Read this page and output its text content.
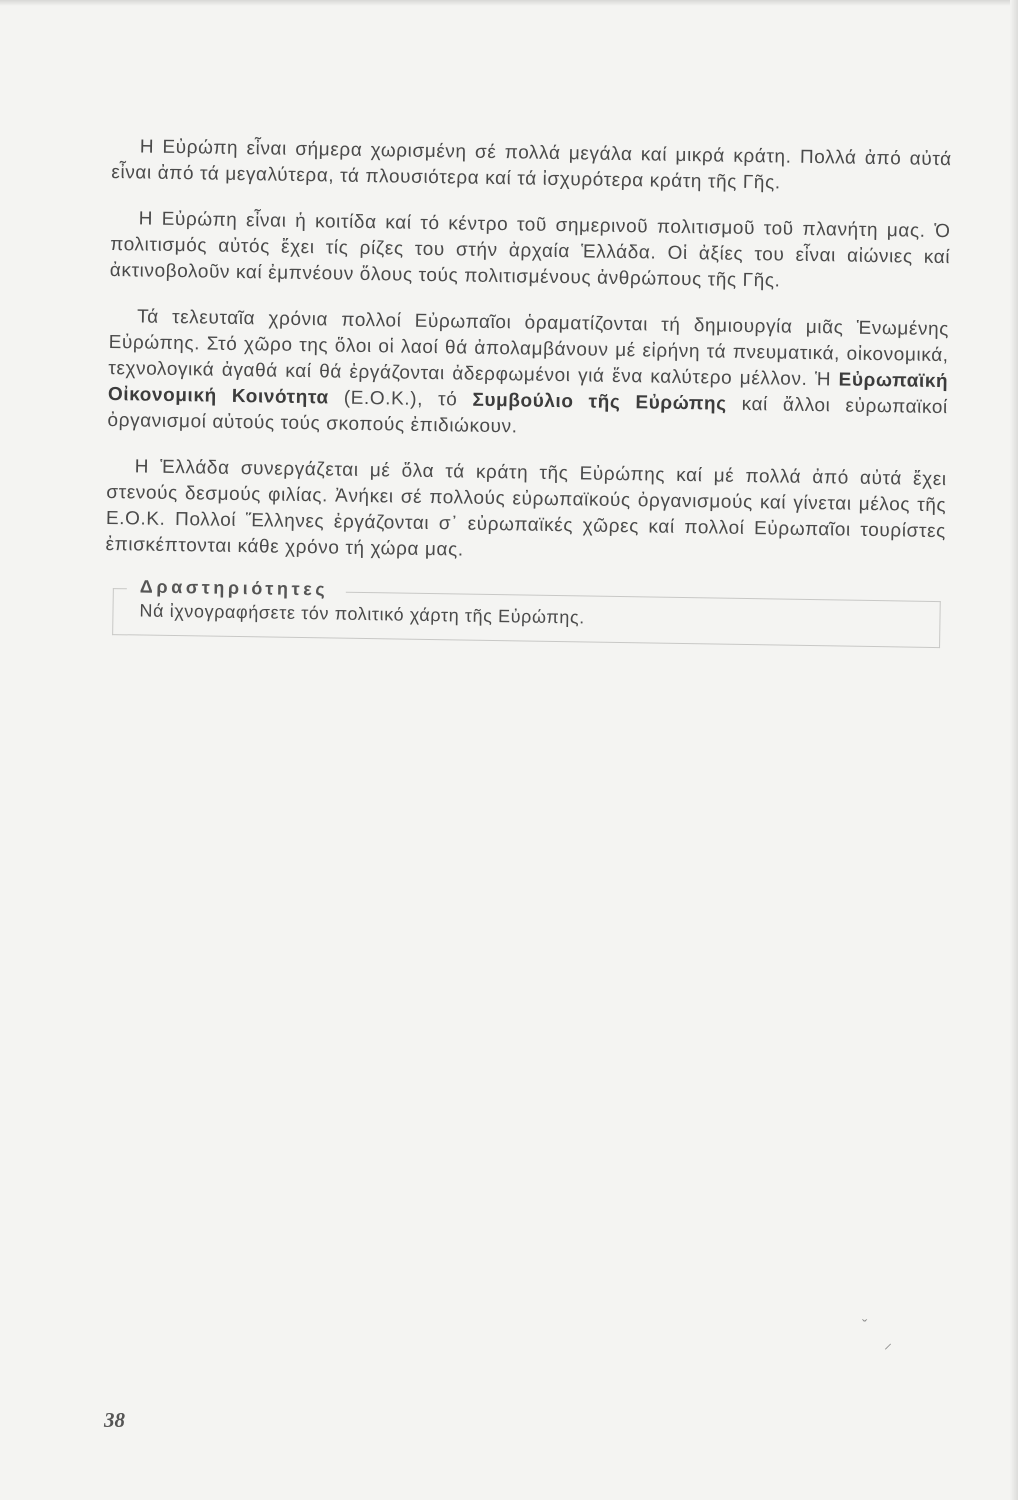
Η Εὐρώπη εἶναι σήμερα χωρισμένη σέ πολλά μεγάλα καί μικρά κράτη. Πολλά ἀπό αὐτά εἶναι ἀπό τά μεγαλύτερα, τά πλουσιότερα καί τά ἰσχυρότερα κράτη τῆς Γῆς.

Η Εὐρώπη εἶναι ἡ κοιτίδα καί τό κέντρο τοῦ σημερινοῦ πολιτισμοῦ τοῦ πλανήτη μας. Ὁ πολιτισμός αὐτός ἔχει τίς ρίζες του στήν ἀρχαία Ἑλλάδα. Οἱ ἀξίες του εἶναι αἰώνιες καί ἀκτινοβολοῦν καί ἐμπνέουν ὅλους τούς πολιτισμένους ἀνθρώπους τῆς Γῆς.

Τά τελευταῖα χρόνια πολλοί Εὐρωπαῖοι ὁραματίζονται τή δημιουργία μιᾶς Ἑνωμένης Εὐρώπης. Στό χῶρο της ὅλοι οἱ λαοί θά ἀπολαμβάνουν μέ εἰρήνη τά πνευματικά, οἰκονομικά, τεχνολογικά ἀγαθά καί θά ἐργάζονται ἀδερφωμένοι γιά ἕνα καλύτερο μέλλον. Ἡ Εὐρωπαϊκή Οἰκονομική Κοινότητα (Ε.Ο.Κ.), τό Συμβούλιο τῆς Εὐρώπης καί ἄλλοι εὐρωπαϊκοί ὀργανισμοί αὐτούς τούς σκοπούς ἐπιδιώκουν.

Η Ἑλλάδα συνεργάζεται μέ ὅλα τά κράτη τῆς Εὐρώπης καί μέ πολλά ἀπό αὐτά ἔχει στενούς δεσμούς φιλίας. Ἀνήκει σέ πολλούς εὐρωπαϊκούς ὀργανισμούς καί γίνεται μέλος τῆς Ε.Ο.Κ. Πολλοί Ἕλληνες ἐργάζονται σ᾽ εὐρωπαϊκές χῶρες καί πολλοί Εὐρωπαῖοι τουρίστες ἐπισκέπτονται κάθε χρόνο τή χώρα μας.

Δραστηριότητες
Νά ἰχνογραφήσετε τόν πολιτικό χάρτη τῆς Εὐρώπης.
38
ˇ
⸍
